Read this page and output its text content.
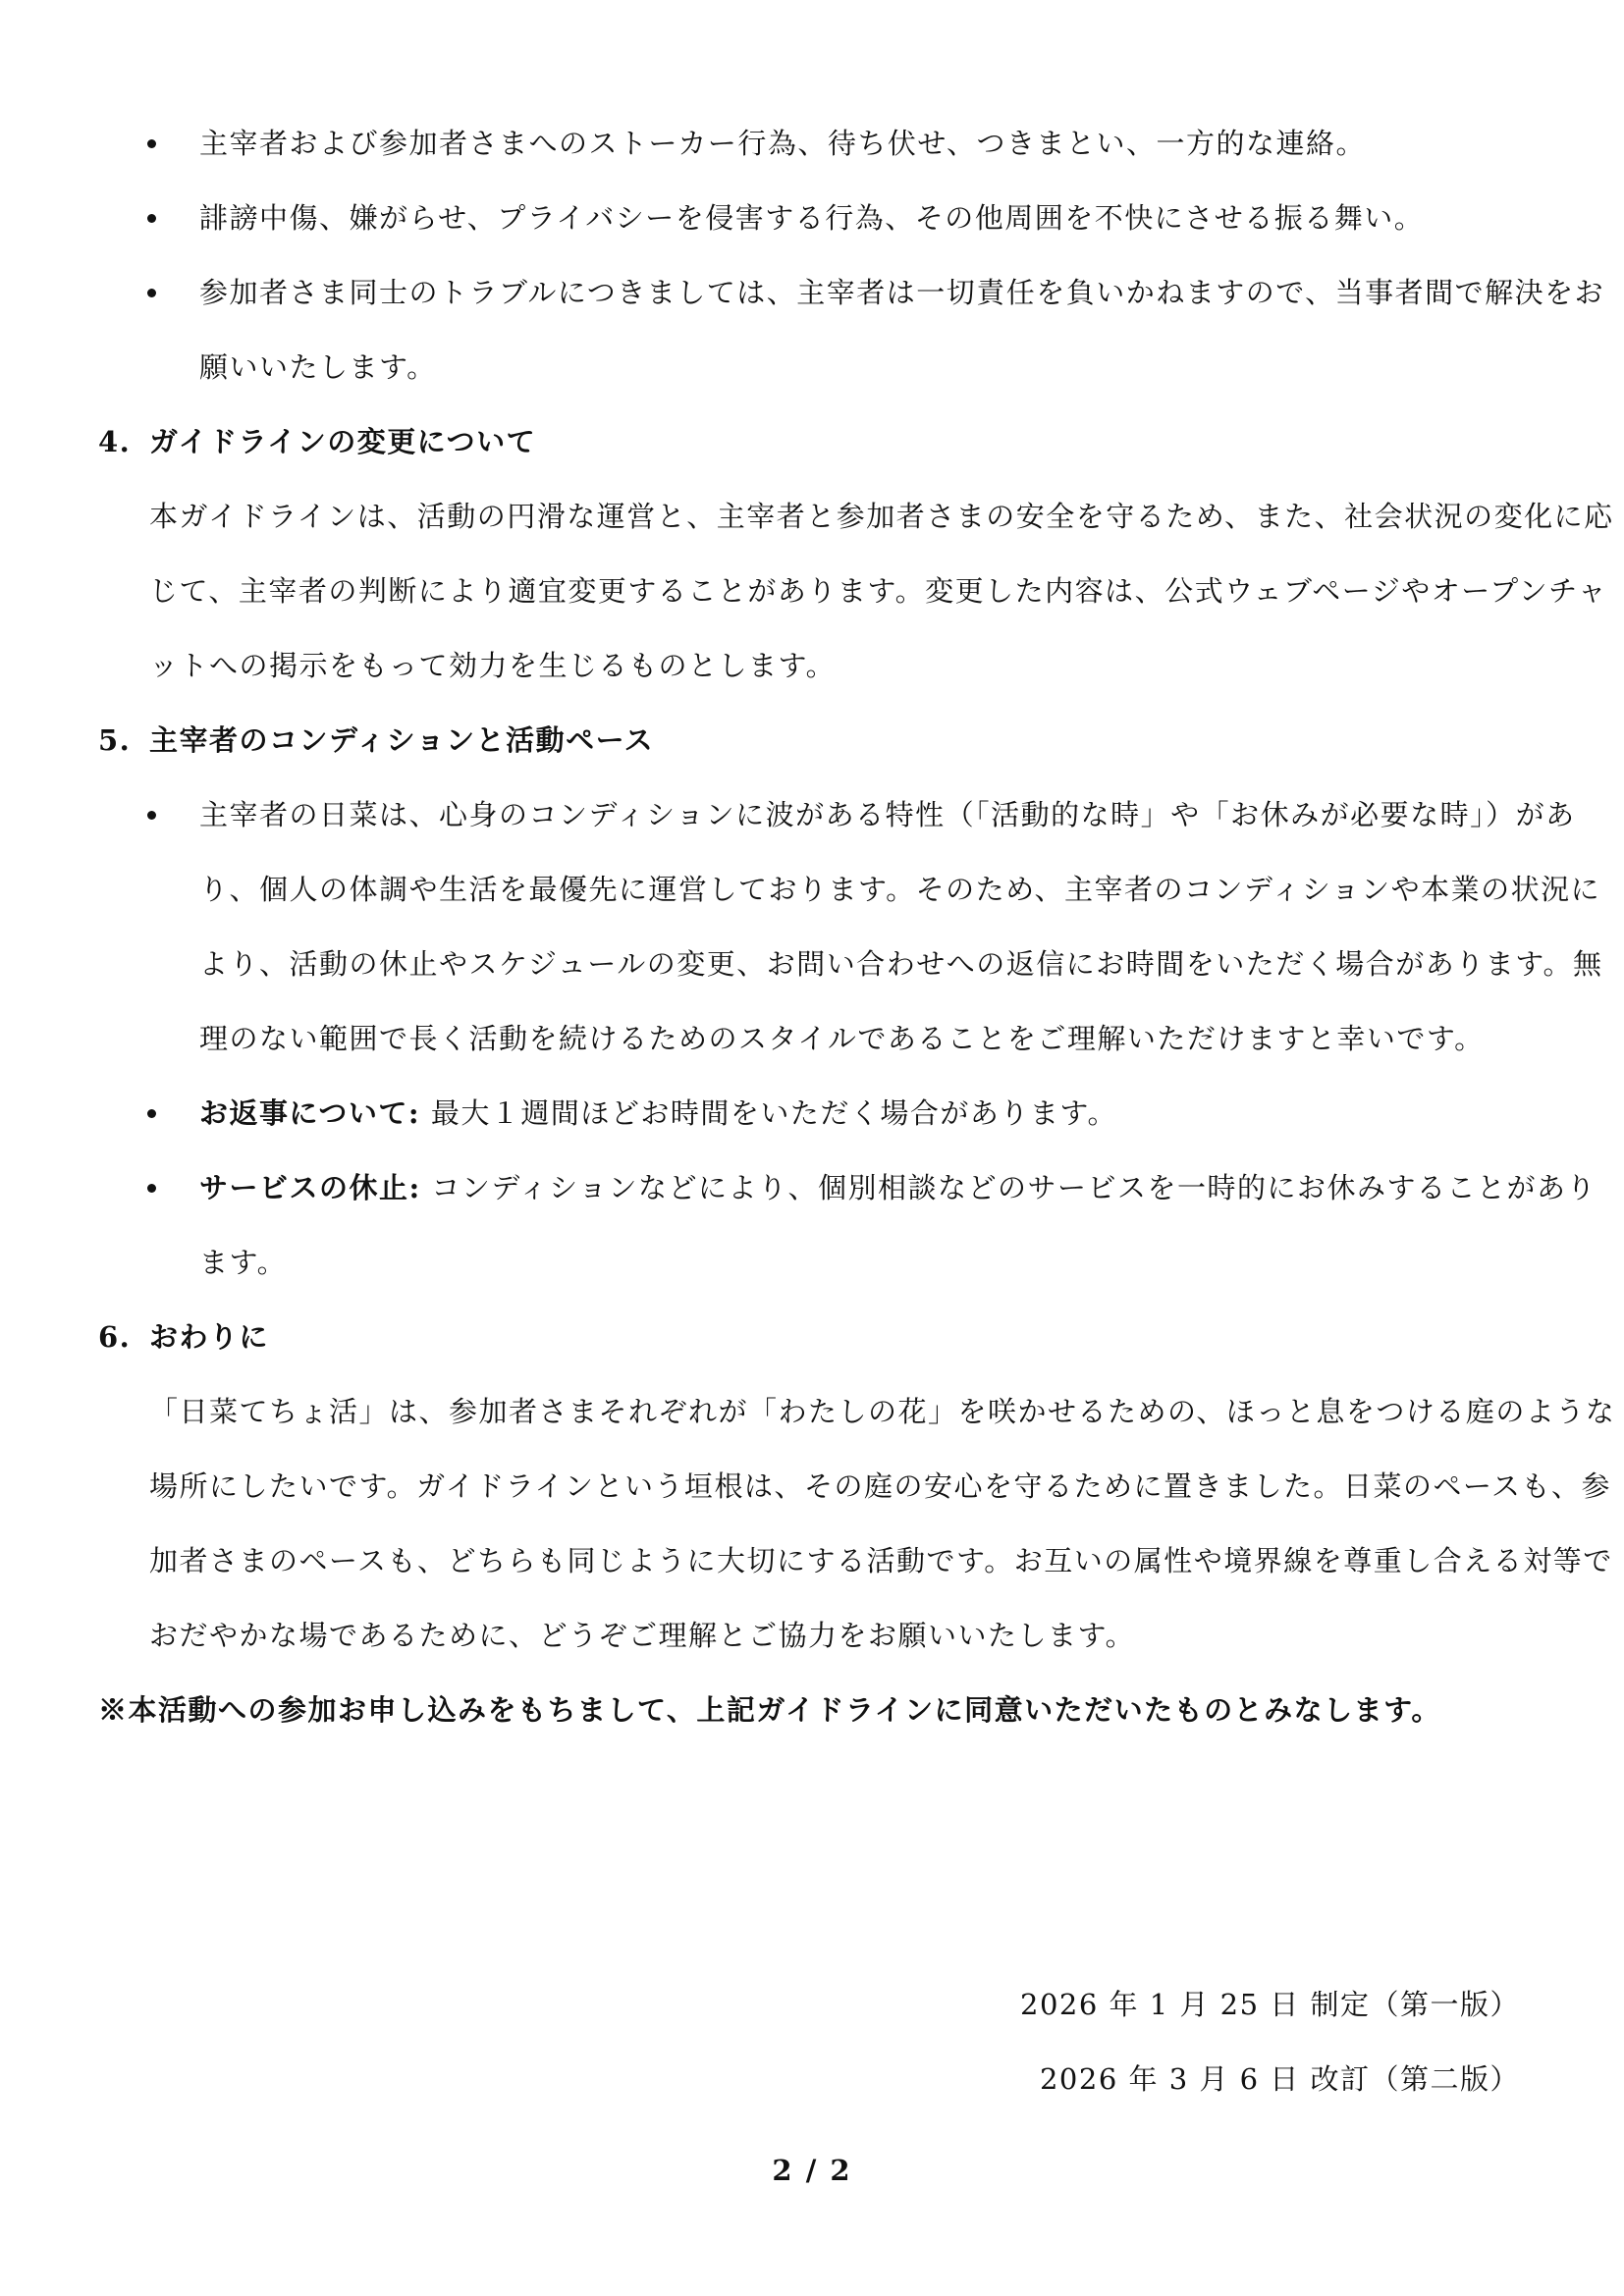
主宰者および参加者さまへのストーカー行為、待ち伏せ、つきまとい、一方的な連絡。
誹謗中傷、嫌がらせ、プライバシーを侵害する行為、その他周囲を不快にさせる振る舞い。
参加者さま同士のトラブルにつきましては、主宰者は一切責任を負いかねますので、当事者間で解決をお願いいたします。
4. ガイドラインの変更について
本ガイドラインは、活動の円滑な運営と、主宰者と参加者さまの安全を守るため、また、社会状況の変化に応じて、主宰者の判断により適宜変更することがあります。変更した内容は、公式ウェブページやオープンチャットへの掲示をもって効力を生じるものとします。
5. 主宰者のコンディションと活動ペース
主宰者の日菜は、心身のコンディションに波がある特性（「活動的な時」や「お休みが必要な時」）があり、個人の体調や生活を最優先に運営しております。そのため、主宰者のコンディションや本業の状況により、活動の休止やスケジュールの変更、お問い合わせへの返信にお時間をいただく場合があります。無理のない範囲で長く活動を続けるためのスタイルであることをご理解いただけますと幸いです。
お返事について: 最大１週間ほどお時間をいただく場合があります。
サービスの休止: コンディションなどにより、個別相談などのサービスを一時的にお休みすることがあります。
6. おわりに
「日菜てちょ活」は、参加者さまそれぞれが「わたしの花」を咲かせるための、ほっと息をつける庭のような場所にしたいです。ガイドラインという垣根は、その庭の安心を守るために置きました。日菜のペースも、参加者さまのペースも、どちらも同じように大切にする活動です。お互いの属性や境界線を尊重し合える対等でおだやかな場であるために、どうぞご理解とご協力をお願いいたします。
※本活動への参加お申し込みをもちまして、上記ガイドラインに同意いただいたものとみなします。
2026 年 1 月 25 日 制定（第一版）
2026 年 3 月 6 日 改訂（第二版）
2 / 2
